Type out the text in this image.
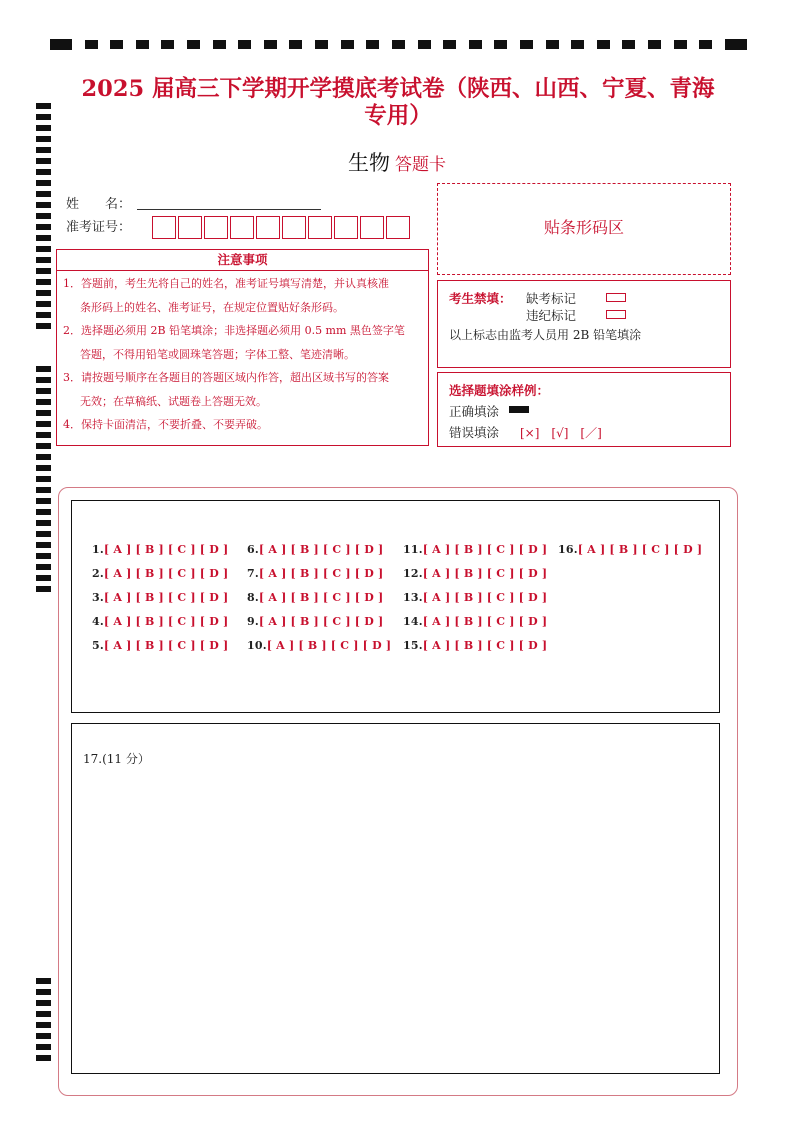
2025 届高三下学期开学摸底考试卷（陕西、山西、宁夏、青海
专用）
生物 答题卡
姓　　名：
准考证号：	贴条形码区
注意事项
1．答题前，考生先将自己的姓名，准考证号填写清楚，并认真核准
条形码上的姓名、准考证号，在规定位置贴好条形码。
2．选择题必须用 2B 铅笔填涂；非选择题必须用 0.5 mm 黑色签字笔
答题，不得用铅笔或圆珠笔答题；字体工整、笔迹清晰。
3．请按题号顺序在各题目的答题区域内作答，超出区域书写的答案
无效；在草稿纸、试题卷上答题无效。
4．保持卡面清洁，不要折叠、不要弄破。
考生禁填： 缺考标记
违纪标记
以上标志由监考人员用 2B 铅笔填涂
选择题填涂样例：
正确填涂
错误填涂 [×]　[√]　[／]
1.[ A ] [ B ] [ C ] [ D ]
2.[ A ] [ B ] [ C ] [ D ]
3.[ A ] [ B ] [ C ] [ D ]
4.[ A ] [ B ] [ C ] [ D ]
5.[ A ] [ B ] [ C ] [ D ]
6.[ A ] [ B ] [ C ] [ D ]
7.[ A ] [ B ] [ C ] [ D ]
8.[ A ] [ B ] [ C ] [ D ]
9.[ A ] [ B ] [ C ] [ D ]
10.[ A ] [ B ] [ C ] [ D ]
11.[ A ] [ B ] [ C ] [ D ]
12.[ A ] [ B ] [ C ] [ D ]
13.[ A ] [ B ] [ C ] [ D ]
14.[ A ] [ B ] [ C ] [ D ]
15.[ A ] [ B ] [ C ] [ D ]
16.[ A ] [ B ] [ C ] [ D ]
17.(11 分）
